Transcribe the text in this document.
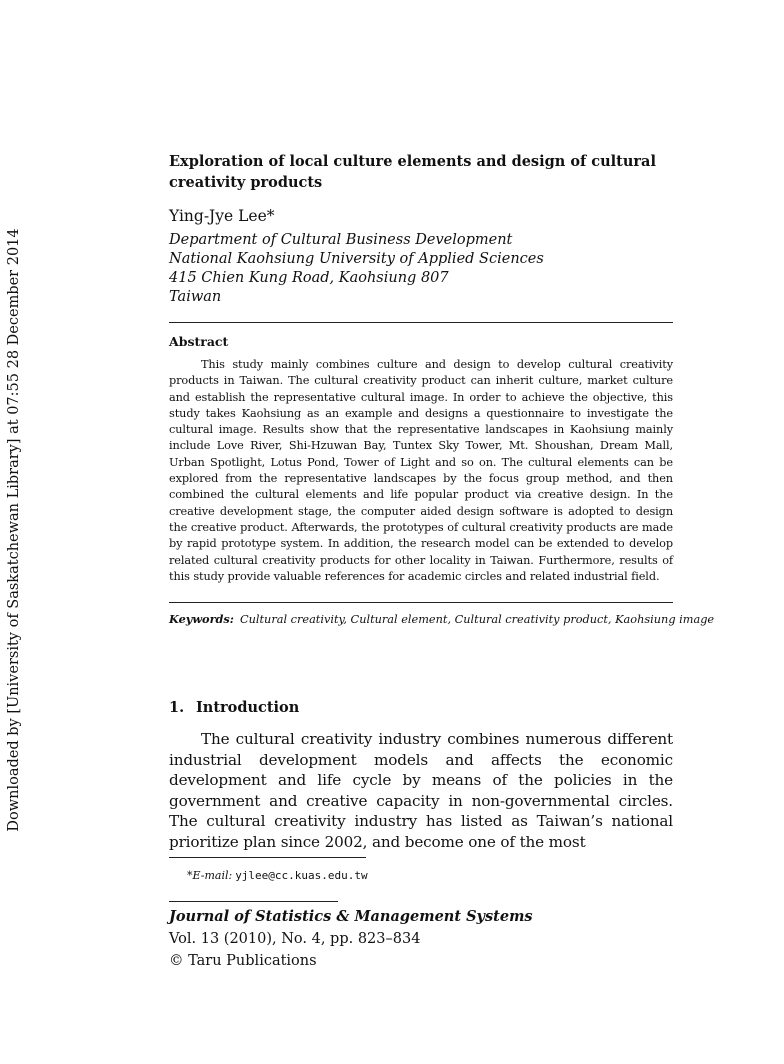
Downloaded by [University of Saskatchewan Library] at 07:55 28 December 2014
Exploration of local culture elements and design of cultural creativity products
Ying-Jye Lee*
Department of Cultural Business Development
National Kaohsiung University of Applied Sciences
415 Chien Kung Road, Kaohsiung 807
Taiwan
Abstract
This study mainly combines culture and design to develop cultural creativity products in Taiwan. The cultural creativity product can inherit culture, market culture and establish the representative cultural image. In order to achieve the objective, this study takes Kaohsiung as an example and designs a questionnaire to investigate the cultural image. Results show that the representative landscapes in Kaohsiung mainly include Love River, Shi-Hzuwan Bay, Tuntex Sky Tower, Mt. Shoushan, Dream Mall, Urban Spotlight, Lotus Pond, Tower of Light and so on. The cultural elements can be explored from the representative landscapes by the focus group method, and then combined the cultural elements and life popular product via creative design. In the creative development stage, the computer aided design software is adopted to design the creative product. Afterwards, the prototypes of cultural creativity products are made by rapid prototype system. In addition, the research model can be extended to develop related cultural creativity products for other locality in Taiwan. Furthermore, results of this study provide valuable references for academic circles and related industrial field.
Keywords: Cultural creativity, Cultural element, Cultural creativity product, Kaohsiung image
1. Introduction
The cultural creativity industry combines numerous different industrial development models and affects the economic development and life cycle by means of the policies in the government and creative capacity in non-governmental circles. The cultural creativity industry has listed as Taiwan’s national prioritize plan since 2002, and become one of the most
*E-mail: yjlee@cc.kuas.edu.tw
Journal of Statistics & Management Systems
Vol. 13 (2010), No. 4, pp. 823–834
© Taru Publications
